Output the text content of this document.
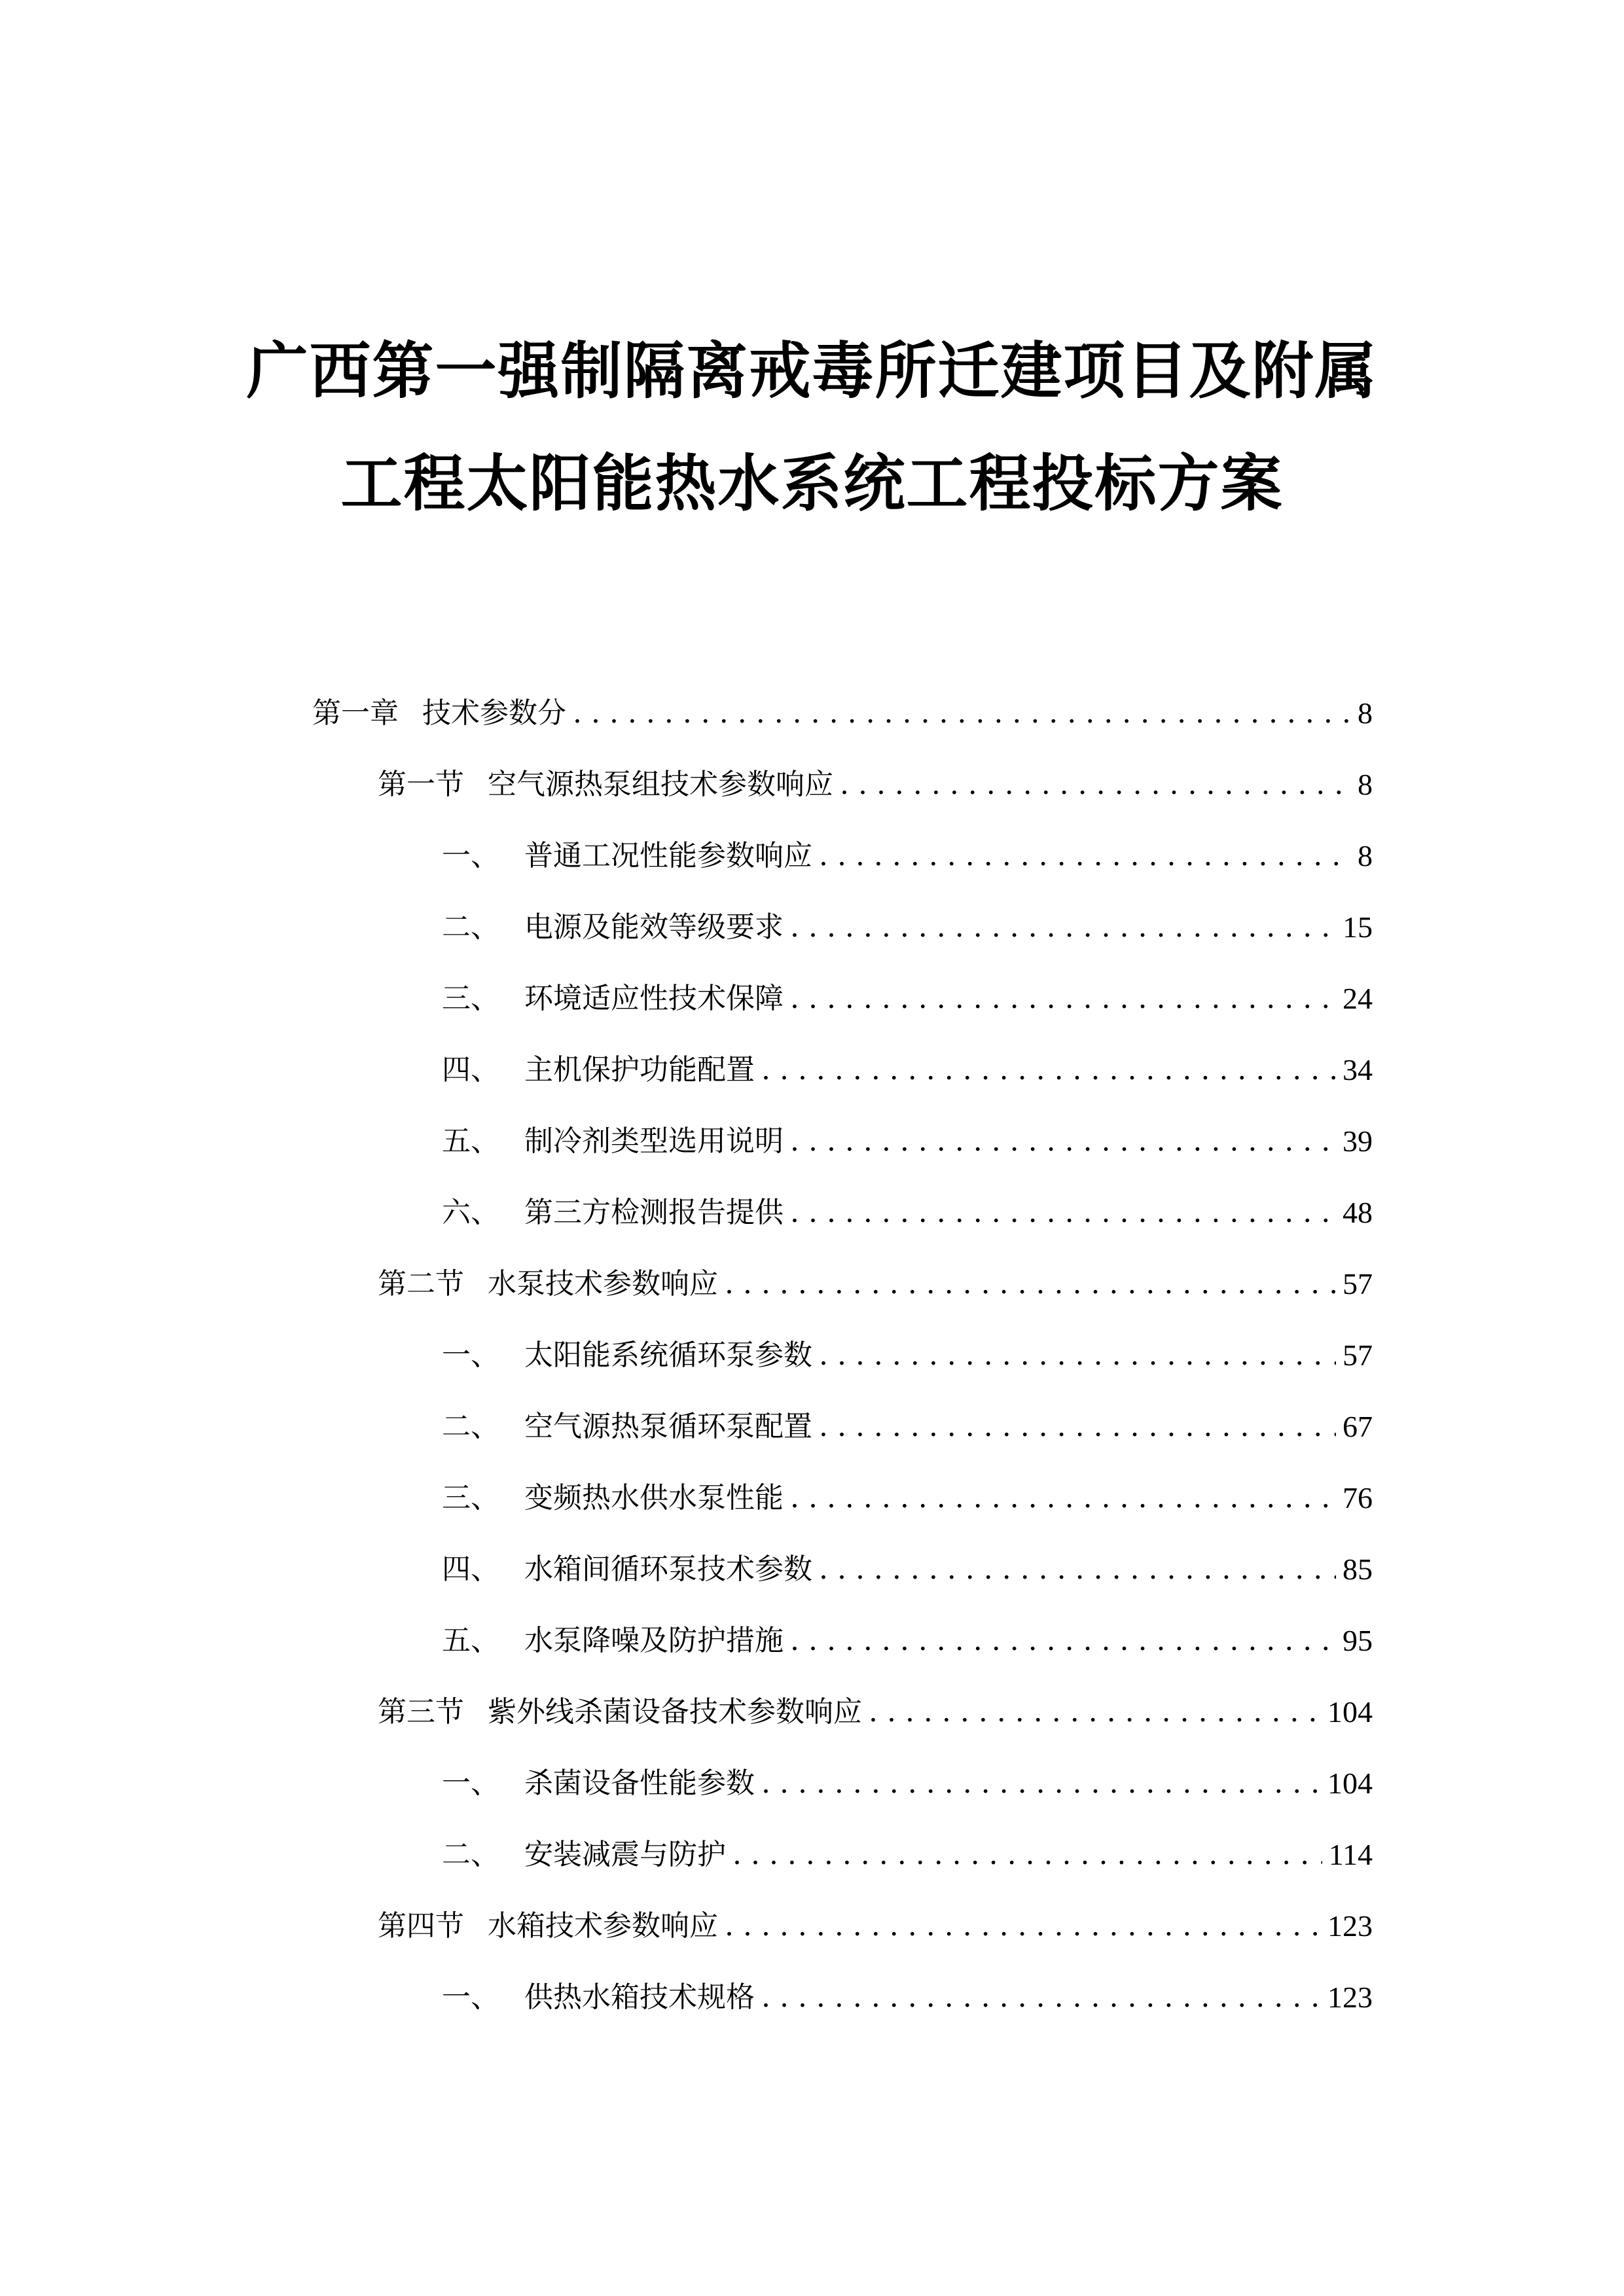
广西第一强制隔离戒毒所迁建项目及附属
工程太阳能热水系统工程投标方案
第一章 技术参数分 . . .	8
第一节 空气源热泵组技术参数响应 . . .	8
一、 普通工况性能参数响应 . . .	8
二、 电源及能效等级要求 . . .	15
三、 环境适应性技术保障 . . .	24
四、 主机保护功能配置 . . .	34
五、 制冷剂类型选用说明 . . .	39
六、 第三方检测报告提供 . . .	48
第二节 水泵技术参数响应 . . .	57
一、 太阳能系统循环泵参数 . . .	57
二、 空气源热泵循环泵配置 . . .	67
三、 变频热水供水泵性能 . . .	76
四、 水箱间循环泵技术参数 . . .	85
五、 水泵降噪及防护措施 . . .	95
第三节 紫外线杀菌设备技术参数响应 . . .	104
一、 杀菌设备性能参数 . . .	104
二、 安装减震与防护 . . .	114
第四节 水箱技术参数响应 . . .	123
一、 供热水箱技术规格 . . .	123
